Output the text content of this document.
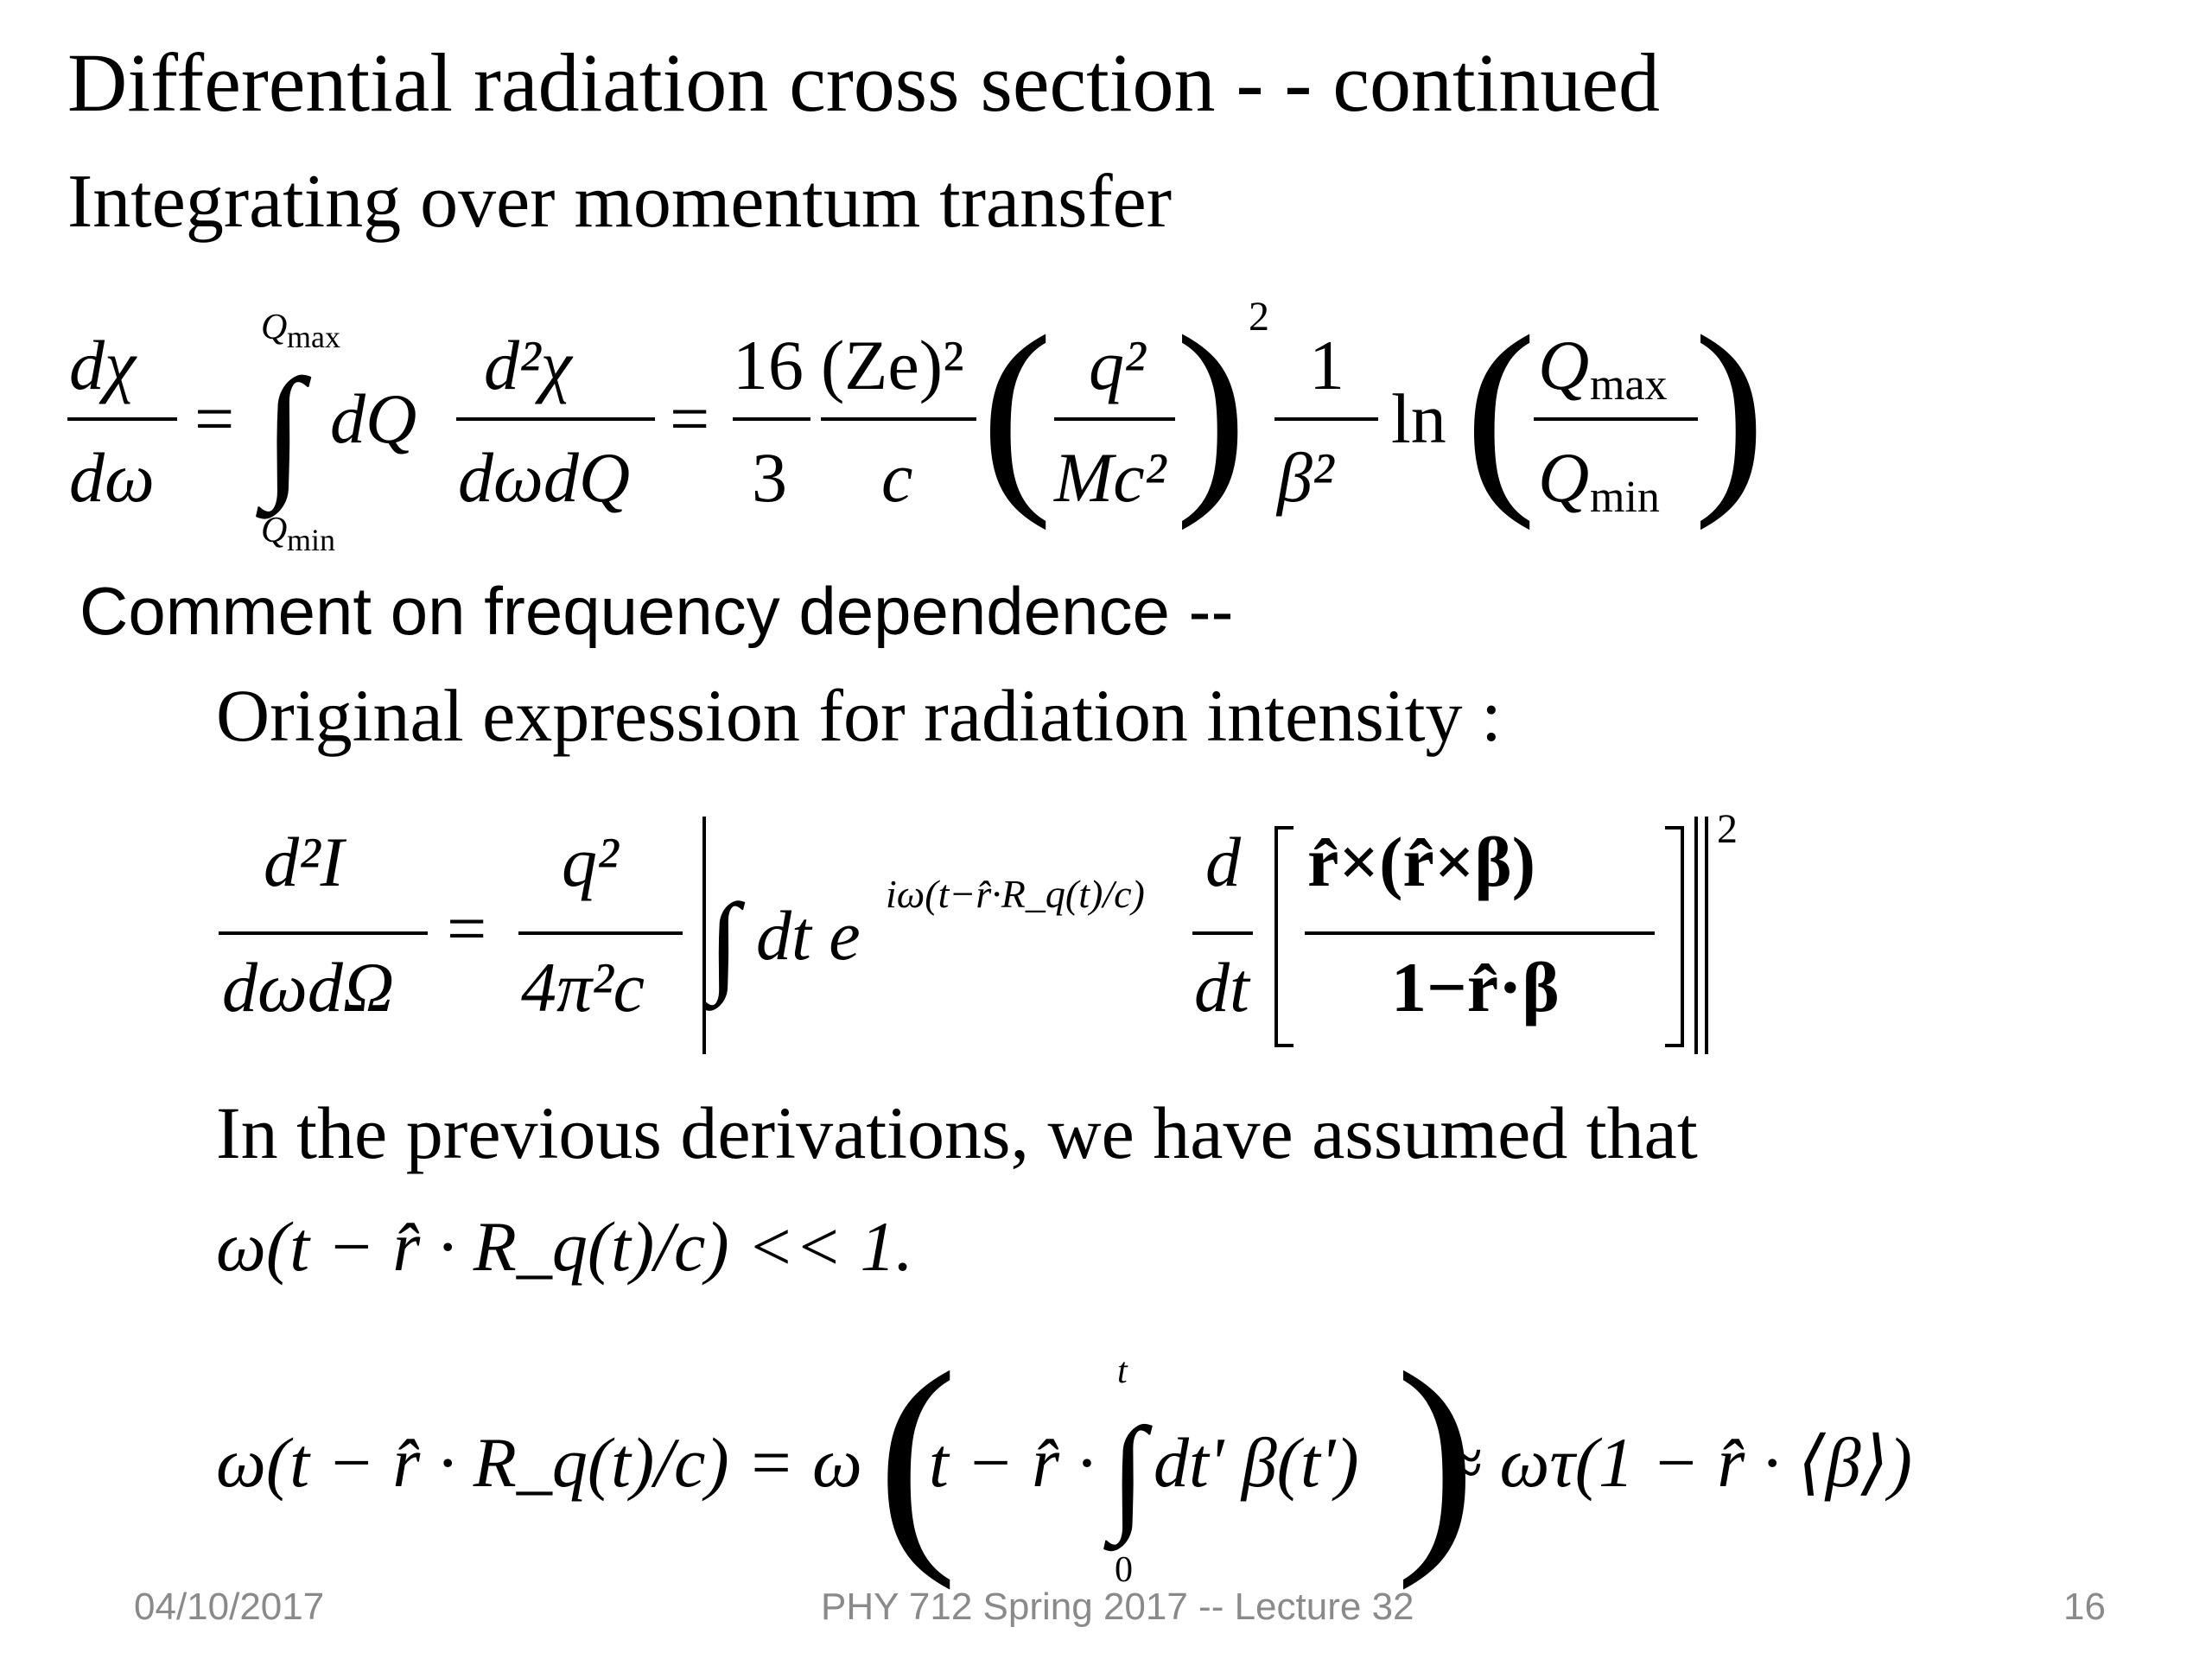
Differential radiation cross section - - continued
Integrating over momentum transfer
dχ
dω
=
Q max
∫
Q min
dQ
d²χ
dωdQ
=
16
3
(Ze)²
c ( q²
Mc² ) 2
1
β²
ln ( Q max
Q min )
Comment on frequency dependence --
Original expression for radiation intensity :
d²I
dωdΩ
=
q²
4π²c ∫ dt e
iω(t−r̂·R_q(t)/c) d
dt
r̂×(r̂×β)
1−r̂·β
2
In the previous derivations, we have assumed that
ω(t − r̂ · R_q(t)/c) << 1.
ω(t − r̂ · R_q(t)/c) = ω (
t − r̂ ·
t
∫
0
dt' β(t') )
≈ ωτ(1 − r̂ · ⟨β⟩)
04/10/2017	PHY 712 Spring 2017 -- Lecture 32	16
